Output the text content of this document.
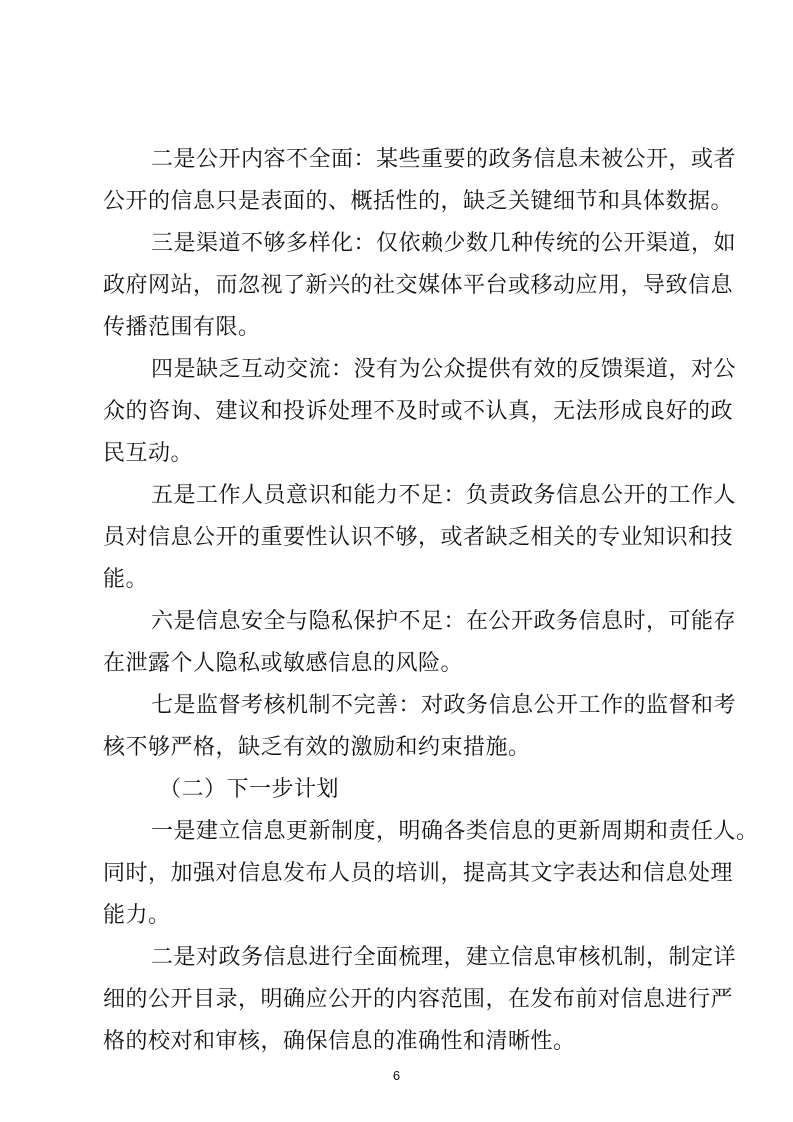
二是公开内容不全面：某些重要的政务信息未被公开，或者
公开的信息只是表面的、概括性的，缺乏关键细节和具体数据。
三是渠道不够多样化：仅依赖少数几种传统的公开渠道，如
政府网站，而忽视了新兴的社交媒体平台或移动应用，导致信息
传播范围有限。
四是缺乏互动交流：没有为公众提供有效的反馈渠道，对公
众的咨询、建议和投诉处理不及时或不认真，无法形成良好的政
民互动。
五是工作人员意识和能力不足：负责政务信息公开的工作人
员对信息公开的重要性认识不够，或者缺乏相关的专业知识和技
能。
六是信息安全与隐私保护不足：在公开政务信息时，可能存
在泄露个人隐私或敏感信息的风险。
七是监督考核机制不完善：对政务信息公开工作的监督和考
核不够严格，缺乏有效的激励和约束措施。
（二）下一步计划
一是建立信息更新制度，明确各类信息的更新周期和责任人。
同时，加强对信息发布人员的培训，提高其文字表达和信息处理
能力。
二是对政务信息进行全面梳理，建立信息审核机制，制定详
细的公开目录，明确应公开的内容范围，在发布前对信息进行严
格的校对和审核，确保信息的准确性和清晰性。
6
